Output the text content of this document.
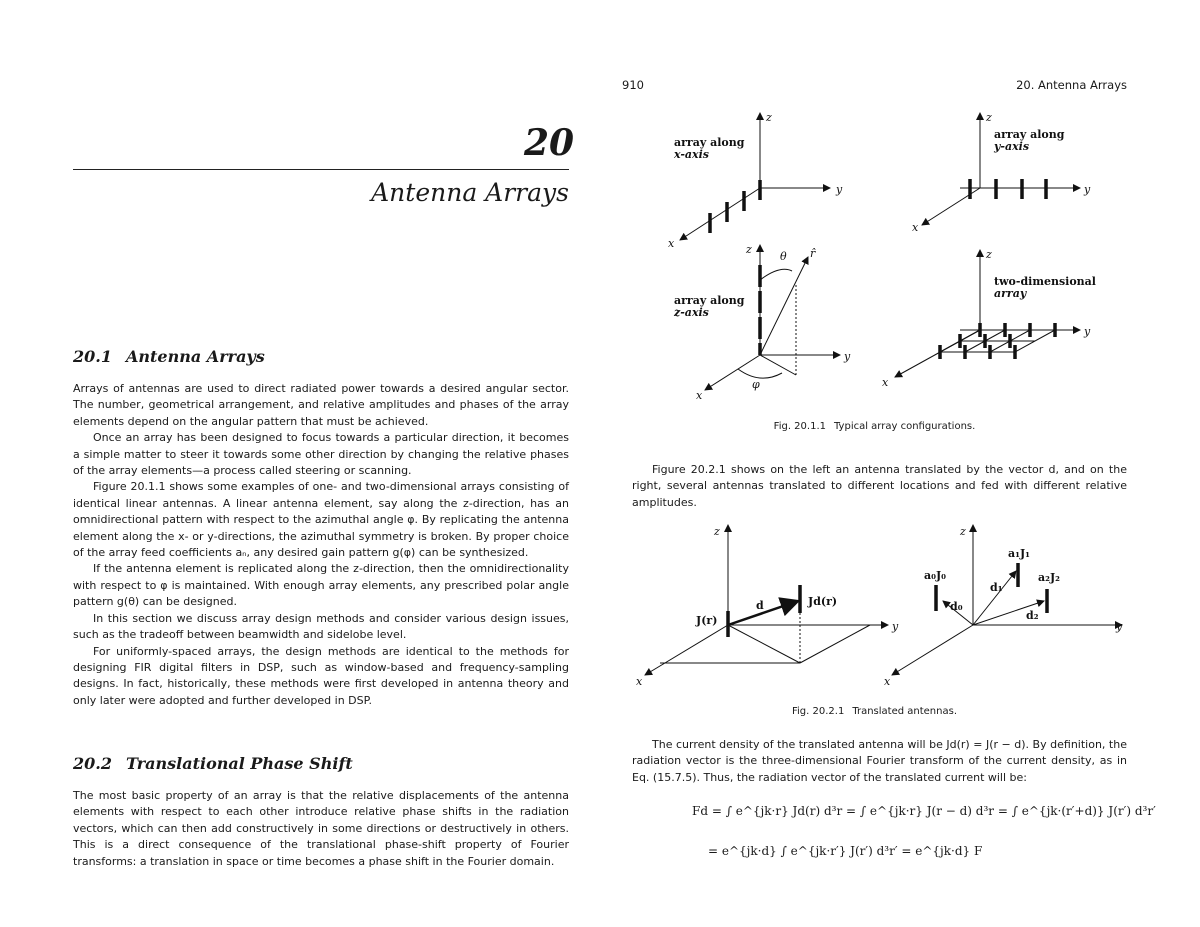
20
Antenna Arrays
20.1 Antenna Arrays

Arrays of antennas are used to direct radiated power towards a desired angular sector. The number, geometrical arrangement, and relative amplitudes and phases of the array elements depend on the angular pattern that must be achieved.

Once an array has been designed to focus towards a particular direction, it becomes a simple matter to steer it towards some other direction by changing the relative phases of the array elements—a process called steering or scanning.

Figure 20.1.1 shows some examples of one- and two-dimensional arrays consisting of identical linear antennas. A linear antenna element, say along the z-direction, has an omnidirectional pattern with respect to the azimuthal angle φ. By replicating the antenna element along the x- or y-directions, the azimuthal symmetry is broken. By proper choice of the array feed coefficients aₙ, any desired gain pattern g(φ) can be synthesized.

If the antenna element is replicated along the z-direction, then the omnidirectionality with respect to φ is maintained. With enough array elements, any prescribed polar angle pattern g(θ) can be designed.

In this section we discuss array design methods and consider various design issues, such as the tradeoff between beamwidth and sidelobe level.

For uniformly-spaced arrays, the design methods are identical to the methods for designing FIR digital filters in DSP, such as window-based and frequency-sampling designs. In fact, historically, these methods were first developed in antenna theory and only later were adopted and further developed in DSP.

20.2 Translational Phase Shift

The most basic property of an array is that the relative displacements of the antenna elements with respect to each other introduce relative phase shifts in the radiation vectors, which can then add constructively in some directions or destructively in others. This is a direct consequence of the translational phase-shift property of Fourier transforms: a translation in space or time becomes a phase shift in the Fourier domain.

910	20. Antenna Arrays
z
y
x
array along
x-axis
z
y
x
array along
y-axis
z
y
x
θ r̂
φ
array along
z-axis
z
y
x
two-dimensional
array
Fig. 20.1.1 Typical array configurations.

Figure 20.2.1 shows on the left an antenna translated by the vector d, and on the right, several antennas translated to different locations and fed with different relative amplitudes.

z
y
x
J(r)
Jd(r)
d
z
y
x
a₀J₀
a₁J₁
a₂J₂
d₀
d₁
d₂
Fig. 20.2.1 Translated antennas.

The current density of the translated antenna will be Jd(r) = J(r − d). By definition, the radiation vector is the three-dimensional Fourier transform of the current density, as in Eq. (15.7.5). Thus, the radiation vector of the translated current will be:

Fd = ∫ e^{jk·r} Jd(r) d³r = ∫ e^{jk·r} J(r − d) d³r = ∫ e^{jk·(r′+d)} J(r′) d³r′
= e^{jk·d} ∫ e^{jk·r′} J(r′) d³r′ = e^{jk·d} F
